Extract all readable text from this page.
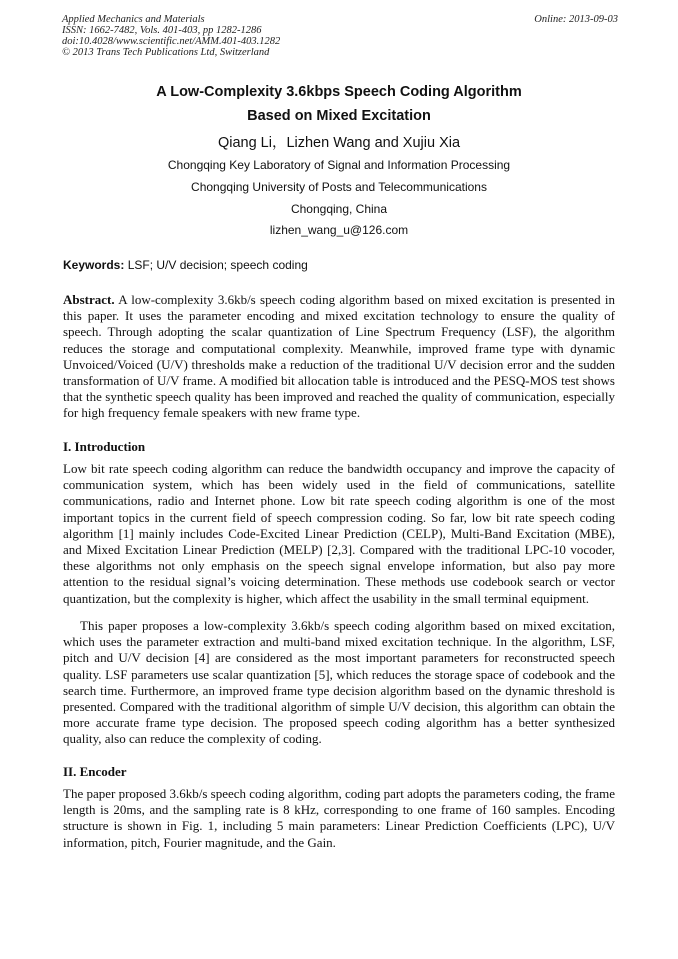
Applied Mechanics and Materials
ISSN: 1662-7482, Vols. 401-403, pp 1282-1286
doi:10.4028/www.scientific.net/AMM.401-403.1282
© 2013 Trans Tech Publications Ltd, Switzerland
Online: 2013-09-03
A Low-Complexity 3.6kbps Speech Coding Algorithm
Based on Mixed Excitation
Qiang Li，Lizhen Wang and Xujiu Xia
Chongqing Key Laboratory of Signal and Information Processing
Chongqing University of Posts and Telecommunications
Chongqing, China
lizhen_wang_u@126.com
Keywords: LSF; U/V decision; speech coding
Abstract. A low-complexity 3.6kb/s speech coding algorithm based on mixed excitation is presented in this paper. It uses the parameter encoding and mixed excitation technology to ensure the quality of speech. Through adopting the scalar quantization of Line Spectrum Frequency (LSF), the algorithm reduces the storage and computational complexity. Meanwhile, improved frame type with dynamic Unvoiced/Voiced (U/V) thresholds make a reduction of the traditional U/V decision error and the sudden transformation of U/V frame. A modified bit allocation table is introduced and the PESQ-MOS test shows that the synthetic speech quality has been improved and reached the quality of communication, especially for high frequency female speakers with new frame type.
I. Introduction
Low bit rate speech coding algorithm can reduce the bandwidth occupancy and improve the capacity of communication system, which has been widely used in the field of communications, satellite communications, radio and Internet phone. Low bit rate speech coding algorithm is one of the most important topics in the current field of speech compression coding. So far, low bit rate speech coding algorithm [1] mainly includes Code-Excited Linear Prediction (CELP), Multi-Band Excitation (MBE), and Mixed Excitation Linear Prediction (MELP) [2,3]. Compared with the traditional LPC-10 vocoder, these algorithms not only emphasis on the speech signal envelope information, but also pay more attention to the residual signal’s voicing determination. These methods use codebook search or vector quantization, but the complexity is higher, which affect the usability in the small terminal equipment.
This paper proposes a low-complexity 3.6kb/s speech coding algorithm based on mixed excitation, which uses the parameter extraction and multi-band mixed excitation technique. In the algorithm, LSF, pitch and U/V decision [4] are considered as the most important parameters for reconstructed speech quality. LSF parameters use scalar quantization [5], which reduces the storage space of codebook and the search time. Furthermore, an improved frame type decision algorithm based on the dynamic threshold is presented. Compared with the traditional algorithm of simple U/V decision, this algorithm can obtain the more accurate frame type decision. The proposed speech coding algorithm has a better synthesized quality, also can reduce the complexity of coding.
II. Encoder
The paper proposed 3.6kb/s speech coding algorithm, coding part adopts the parameters coding, the frame length is 20ms, and the sampling rate is 8 kHz, corresponding to one frame of 160 samples. Encoding structure is shown in Fig. 1, including 5 main parameters: Linear Prediction Coefficients (LPC), U/V information, pitch, Fourier magnitude, and the Gain.
